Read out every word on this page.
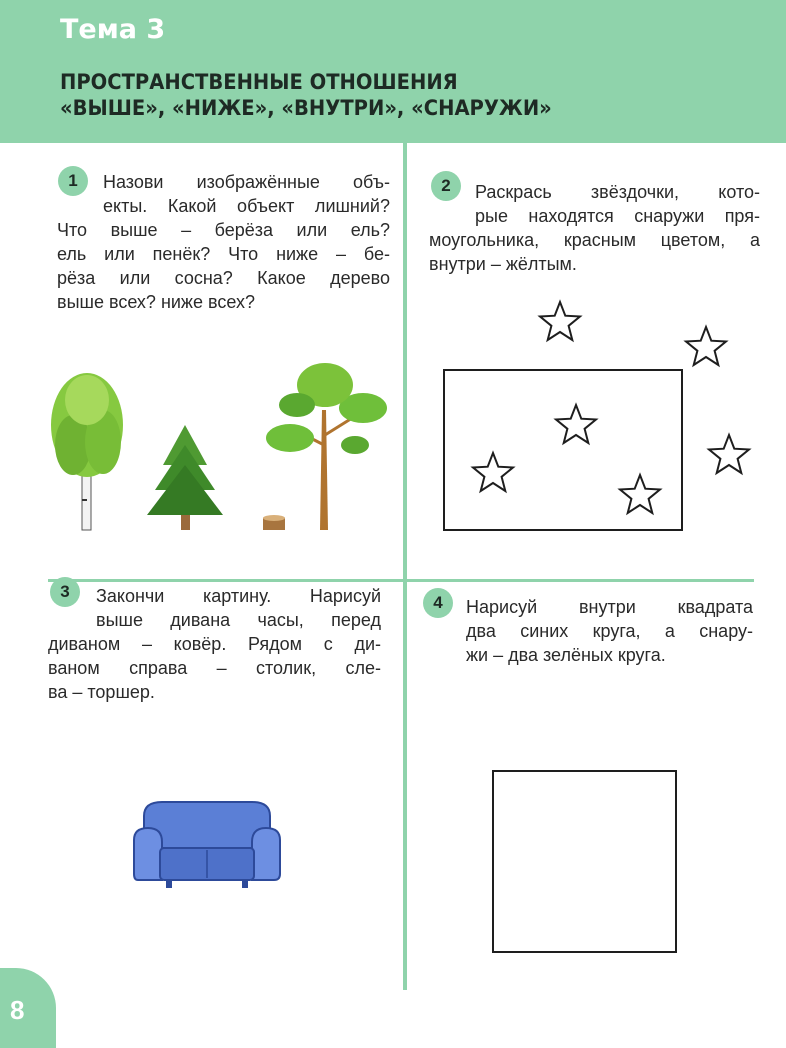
Тема 3
ПРОСТРАНСТВЕННЫЕ ОТНОШЕНИЯ
«ВЫШЕ», «НИЖЕ», «ВНУТРИ», «СНАРУЖИ»
1	Назови изображённые объ-
екты. Какой объект лишний?
Что выше – берёза или ель?
ель или пенёк? Что ниже – бе-
рёза или сосна? Какое дерево
выше всех? ниже всех?
2	Раскрась звёздочки, кото-
рые находятся снаружи пря-
моугольника, красным цветом, а
внутри – жёлтым.
3	Закончи картину. Нарисуй
выше дивана часы, перед
диваном – ковёр. Рядом с ди-
ваном справа – столик, сле-
ва – торшер.
4	Нарисуй внутри квадрата
два синих круга, а снару-
жи – два зелёных круга.
8
